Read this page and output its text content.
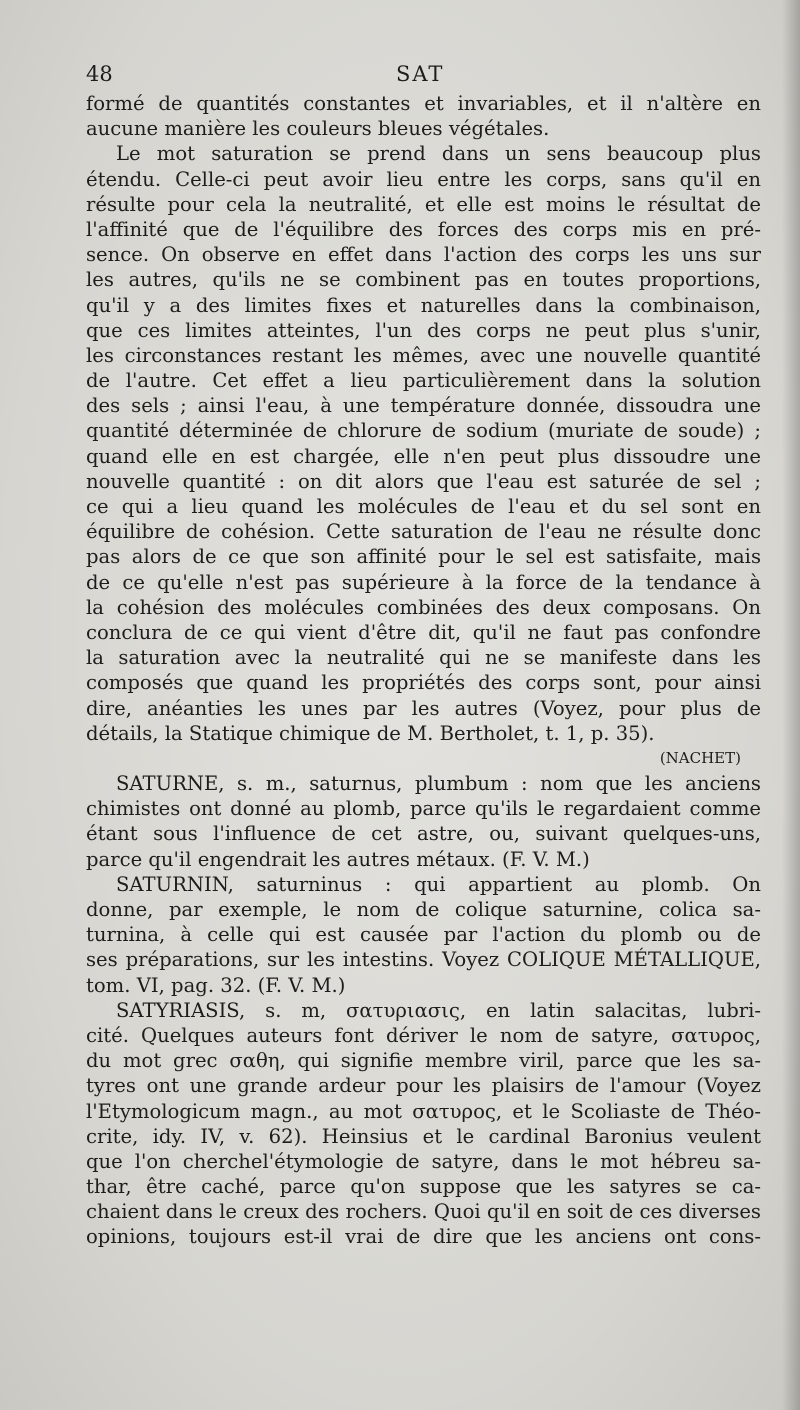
48	SAT
formé de quantités constantes et invariables, et il n'altère en
aucune manière les couleurs bleues végétales.
Le mot saturation se prend dans un sens beaucoup plus
étendu. Celle-ci peut avoir lieu entre les corps, sans qu'il en
résulte pour cela la neutralité, et elle est moins le résultat de
l'affinité que de l'équilibre des forces des corps mis en pré-
sence. On observe en effet dans l'action des corps les uns sur
les autres, qu'ils ne se combinent pas en toutes proportions,
qu'il y a des limites fixes et naturelles dans la combinaison,
que ces limites atteintes, l'un des corps ne peut plus s'unir,
les circonstances restant les mêmes, avec une nouvelle quantité
de l'autre. Cet effet a lieu particulièrement dans la solution
des sels ; ainsi l'eau, à une température donnée, dissoudra une
quantité déterminée de chlorure de sodium (muriate de soude) ;
quand elle en est chargée, elle n'en peut plus dissoudre une
nouvelle quantité : on dit alors que l'eau est saturée de sel ;
ce qui a lieu quand les molécules de l'eau et du sel sont en
équilibre de cohésion. Cette saturation de l'eau ne résulte donc
pas alors de ce que son affinité pour le sel est satisfaite, mais
de ce qu'elle n'est pas supérieure à la force de la tendance à
la cohésion des molécules combinées des deux composans. On
conclura de ce qui vient d'être dit, qu'il ne faut pas confondre
la saturation avec la neutralité qui ne se manifeste dans les
composés que quand les propriétés des corps sont, pour ainsi
dire, anéanties les unes par les autres (Voyez, pour plus de
détails, la Statique chimique de M. Bertholet, t. 1, p. 35).
(NACHET)
SATURNE, s. m., saturnus, plumbum : nom que les anciens
chimistes ont donné au plomb, parce qu'ils le regardaient comme
étant sous l'influence de cet astre, ou, suivant quelques-uns,
parce qu'il engendrait les autres métaux. (F. V. M.)
SATURNIN, saturninus : qui appartient au plomb. On
donne, par exemple, le nom de colique saturnine, colica sa-
turnina, à celle qui est causée par l'action du plomb ou de
ses préparations, sur les intestins. Voyez COLIQUE MÉTALLIQUE,
tom. VI, pag. 32. (F. V. M.)
SATYRIASIS, s. m, σατυριασις, en latin salacitas, lubri-
cité. Quelques auteurs font dériver le nom de satyre, σατυρος,
du mot grec σαθη, qui signifie membre viril, parce que les sa-
tyres ont une grande ardeur pour les plaisirs de l'amour (Voyez
l'Etymologicum magn., au mot σατυρος, et le Scoliaste de Théo-
crite, idy. IV, v. 62). Heinsius et le cardinal Baronius veulent
que l'on cherchel'étymologie de satyre, dans le mot hébreu sa-
thar, être caché, parce qu'on suppose que les satyres se ca-
chaient dans le creux des rochers. Quoi qu'il en soit de ces diverses
opinions, toujours est-il vrai de dire que les anciens ont cons-
